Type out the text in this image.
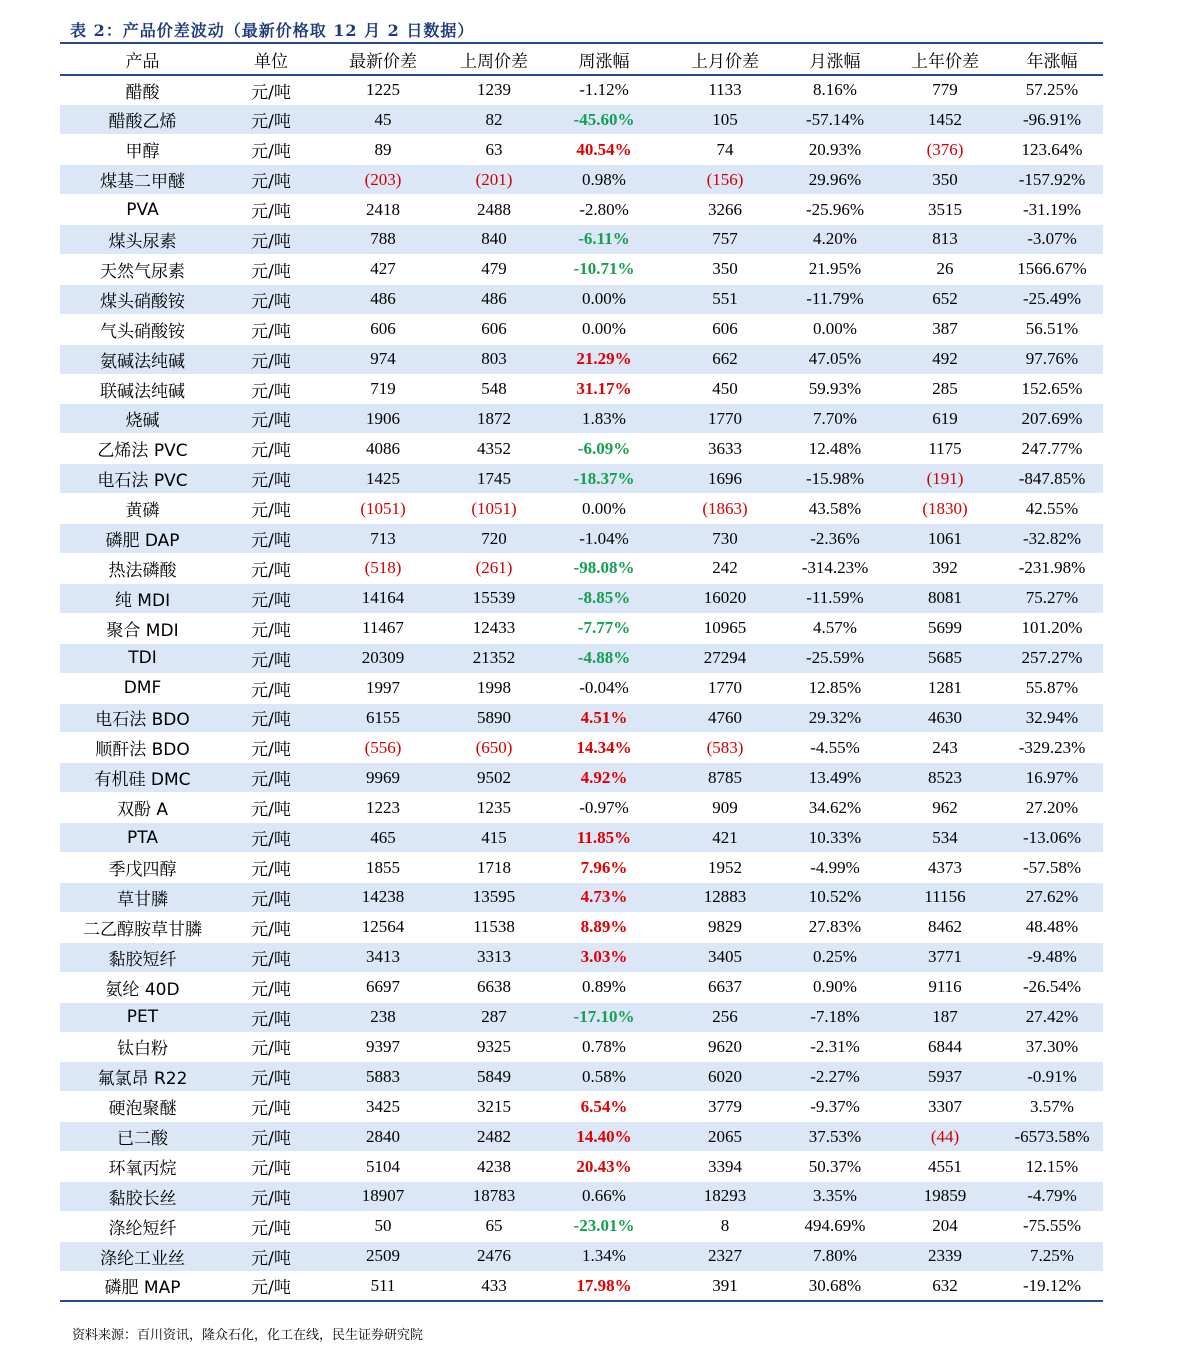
表 2：产品价差波动（最新价格取 12 月 2 日数据）
产品	单位	最新价差	上周价差	周涨幅	上月价差	月涨幅	上年价差	年涨幅
醋酸	元/吨	1225	1239	-1.12%	1133	8.16%	779	57.25%
醋酸乙烯	元/吨	45	82	-45.60%	105	-57.14%	1452	-96.91%
甲醇	元/吨	89	63	40.54%	74	20.93%	(376)	123.64%
煤基二甲醚	元/吨	(203)	(201)	0.98%	(156)	29.96%	350	-157.92%
PVA	元/吨	2418	2488	-2.80%	3266	-25.96%	3515	-31.19%
煤头尿素	元/吨	788	840	-6.11%	757	4.20%	813	-3.07%
天然气尿素	元/吨	427	479	-10.71%	350	21.95%	26	1566.67%
煤头硝酸铵	元/吨	486	486	0.00%	551	-11.79%	652	-25.49%
气头硝酸铵	元/吨	606	606	0.00%	606	0.00%	387	56.51%
氨碱法纯碱	元/吨	974	803	21.29%	662	47.05%	492	97.76%
联碱法纯碱	元/吨	719	548	31.17%	450	59.93%	285	152.65%
烧碱	元/吨	1906	1872	1.83%	1770	7.70%	619	207.69%
乙烯法 PVC	元/吨	4086	4352	-6.09%	3633	12.48%	1175	247.77%
电石法 PVC	元/吨	1425	1745	-18.37%	1696	-15.98%	(191)	-847.85%
黄磷	元/吨	(1051)	(1051)	0.00%	(1863)	43.58%	(1830)	42.55%
磷肥 DAP	元/吨	713	720	-1.04%	730	-2.36%	1061	-32.82%
热法磷酸	元/吨	(518)	(261)	-98.08%	242	-314.23%	392	-231.98%
纯 MDI	元/吨	14164	15539	-8.85%	16020	-11.59%	8081	75.27%
聚合 MDI	元/吨	11467	12433	-7.77%	10965	4.57%	5699	101.20%
TDI	元/吨	20309	21352	-4.88%	27294	-25.59%	5685	257.27%
DMF	元/吨	1997	1998	-0.04%	1770	12.85%	1281	55.87%
电石法 BDO	元/吨	6155	5890	4.51%	4760	29.32%	4630	32.94%
顺酐法 BDO	元/吨	(556)	(650)	14.34%	(583)	-4.55%	243	-329.23%
有机硅 DMC	元/吨	9969	9502	4.92%	8785	13.49%	8523	16.97%
双酚 A	元/吨	1223	1235	-0.97%	909	34.62%	962	27.20%
PTA	元/吨	465	415	11.85%	421	10.33%	534	-13.06%
季戊四醇	元/吨	1855	1718	7.96%	1952	-4.99%	4373	-57.58%
草甘膦	元/吨	14238	13595	4.73%	12883	10.52%	11156	27.62%
二乙醇胺草甘膦	元/吨	12564	11538	8.89%	9829	27.83%	8462	48.48%
黏胶短纤	元/吨	3413	3313	3.03%	3405	0.25%	3771	-9.48%
氨纶 40D	元/吨	6697	6638	0.89%	6637	0.90%	9116	-26.54%
PET	元/吨	238	287	-17.10%	256	-7.18%	187	27.42%
钛白粉	元/吨	9397	9325	0.78%	9620	-2.31%	6844	37.30%
氟氯昂 R22	元/吨	5883	5849	0.58%	6020	-2.27%	5937	-0.91%
硬泡聚醚	元/吨	3425	3215	6.54%	3779	-9.37%	3307	3.57%
已二酸	元/吨	2840	2482	14.40%	2065	37.53%	(44)	-6573.58%
环氧丙烷	元/吨	5104	4238	20.43%	3394	50.37%	4551	12.15%
黏胶长丝	元/吨	18907	18783	0.66%	18293	3.35%	19859	-4.79%
涤纶短纤	元/吨	50	65	-23.01%	8	494.69%	204	-75.55%
涤纶工业丝	元/吨	2509	2476	1.34%	2327	7.80%	2339	7.25%
磷肥 MAP	元/吨	511	433	17.98%	391	30.68%	632	-19.12%
资料来源：百川资讯，隆众石化，化工在线，民生证券研究院
